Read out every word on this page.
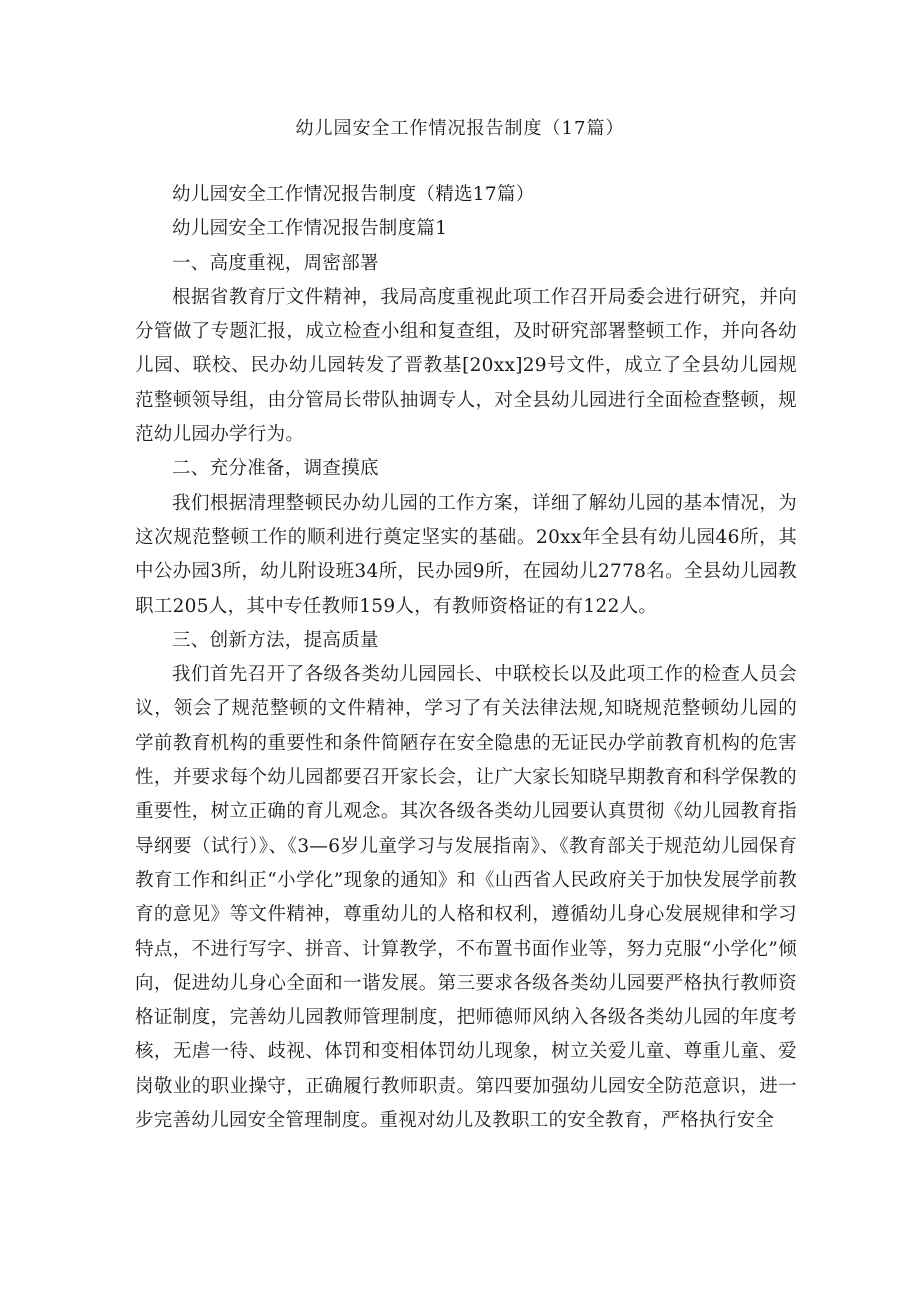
幼儿园安全工作情况报告制度（17篇）

幼儿园安全工作情况报告制度（精选17篇）

幼儿园安全工作情况报告制度篇1

一、高度重视，周密部署

根据省教育厅文件精神，我局高度重视此项工作召开局委会进行研究，并向分管做了专题汇报，成立检查小组和复查组，及时研究部署整顿工作，并向各幼儿园、联校、民办幼儿园转发了晋教基[20xx]29号文件，成立了全县幼儿园规范整顿领导组，由分管局长带队抽调专人，对全县幼儿园进行全面检查整顿，规范幼儿园办学行为。

二、充分准备，调查摸底

我们根据清理整顿民办幼儿园的工作方案，详细了解幼儿园的基本情况，为这次规范整顿工作的顺利进行奠定坚实的基础。20xx年全县有幼儿园46所，其中公办园3所，幼儿附设班34所，民办园9所，在园幼儿2778名。全县幼儿园教职工205人，其中专任教师159人，有教师资格证的有122人。

三、创新方法，提高质量

我们首先召开了各级各类幼儿园园长、中联校长以及此项工作的检查人员会议，领会了规范整顿的文件精神，学习了有关法律法规,知晓规范整顿幼儿园的学前教育机构的重要性和条件简陋存在安全隐患的无证民办学前教育机构的危害性，并要求每个幼儿园都要召开家长会，让广大家长知晓早期教育和科学保教的重要性，树立正确的育儿观念。其次各级各类幼儿园要认真贯彻《幼儿园教育指导纲要（试行）》、《3—6岁儿童学习与发展指南》、《教育部关于规范幼儿园保育教育工作和纠正“小学化”现象的通知》和《山西省人民政府关于加快发展学前教育的意见》等文件精神，尊重幼儿的人格和权利，遵循幼儿身心发展规律和学习特点，不进行写字、拼音、计算教学，不布置书面作业等，努力克服“小学化”倾向，促进幼儿身心全面和一谐发展。第三要求各级各类幼儿园要严格执行教师资格证制度，完善幼儿园教师管理制度，把师德师风纳入各级各类幼儿园的年度考核，无虐一待、歧视、体罚和变相体罚幼儿现象，树立关爱儿童、尊重儿童、爱岗敬业的职业操守，正确履行教师职责。第四要加强幼儿园安全防范意识，进一步完善幼儿园安全管理制度。重视对幼儿及教职工的安全教育，严格执行安全
